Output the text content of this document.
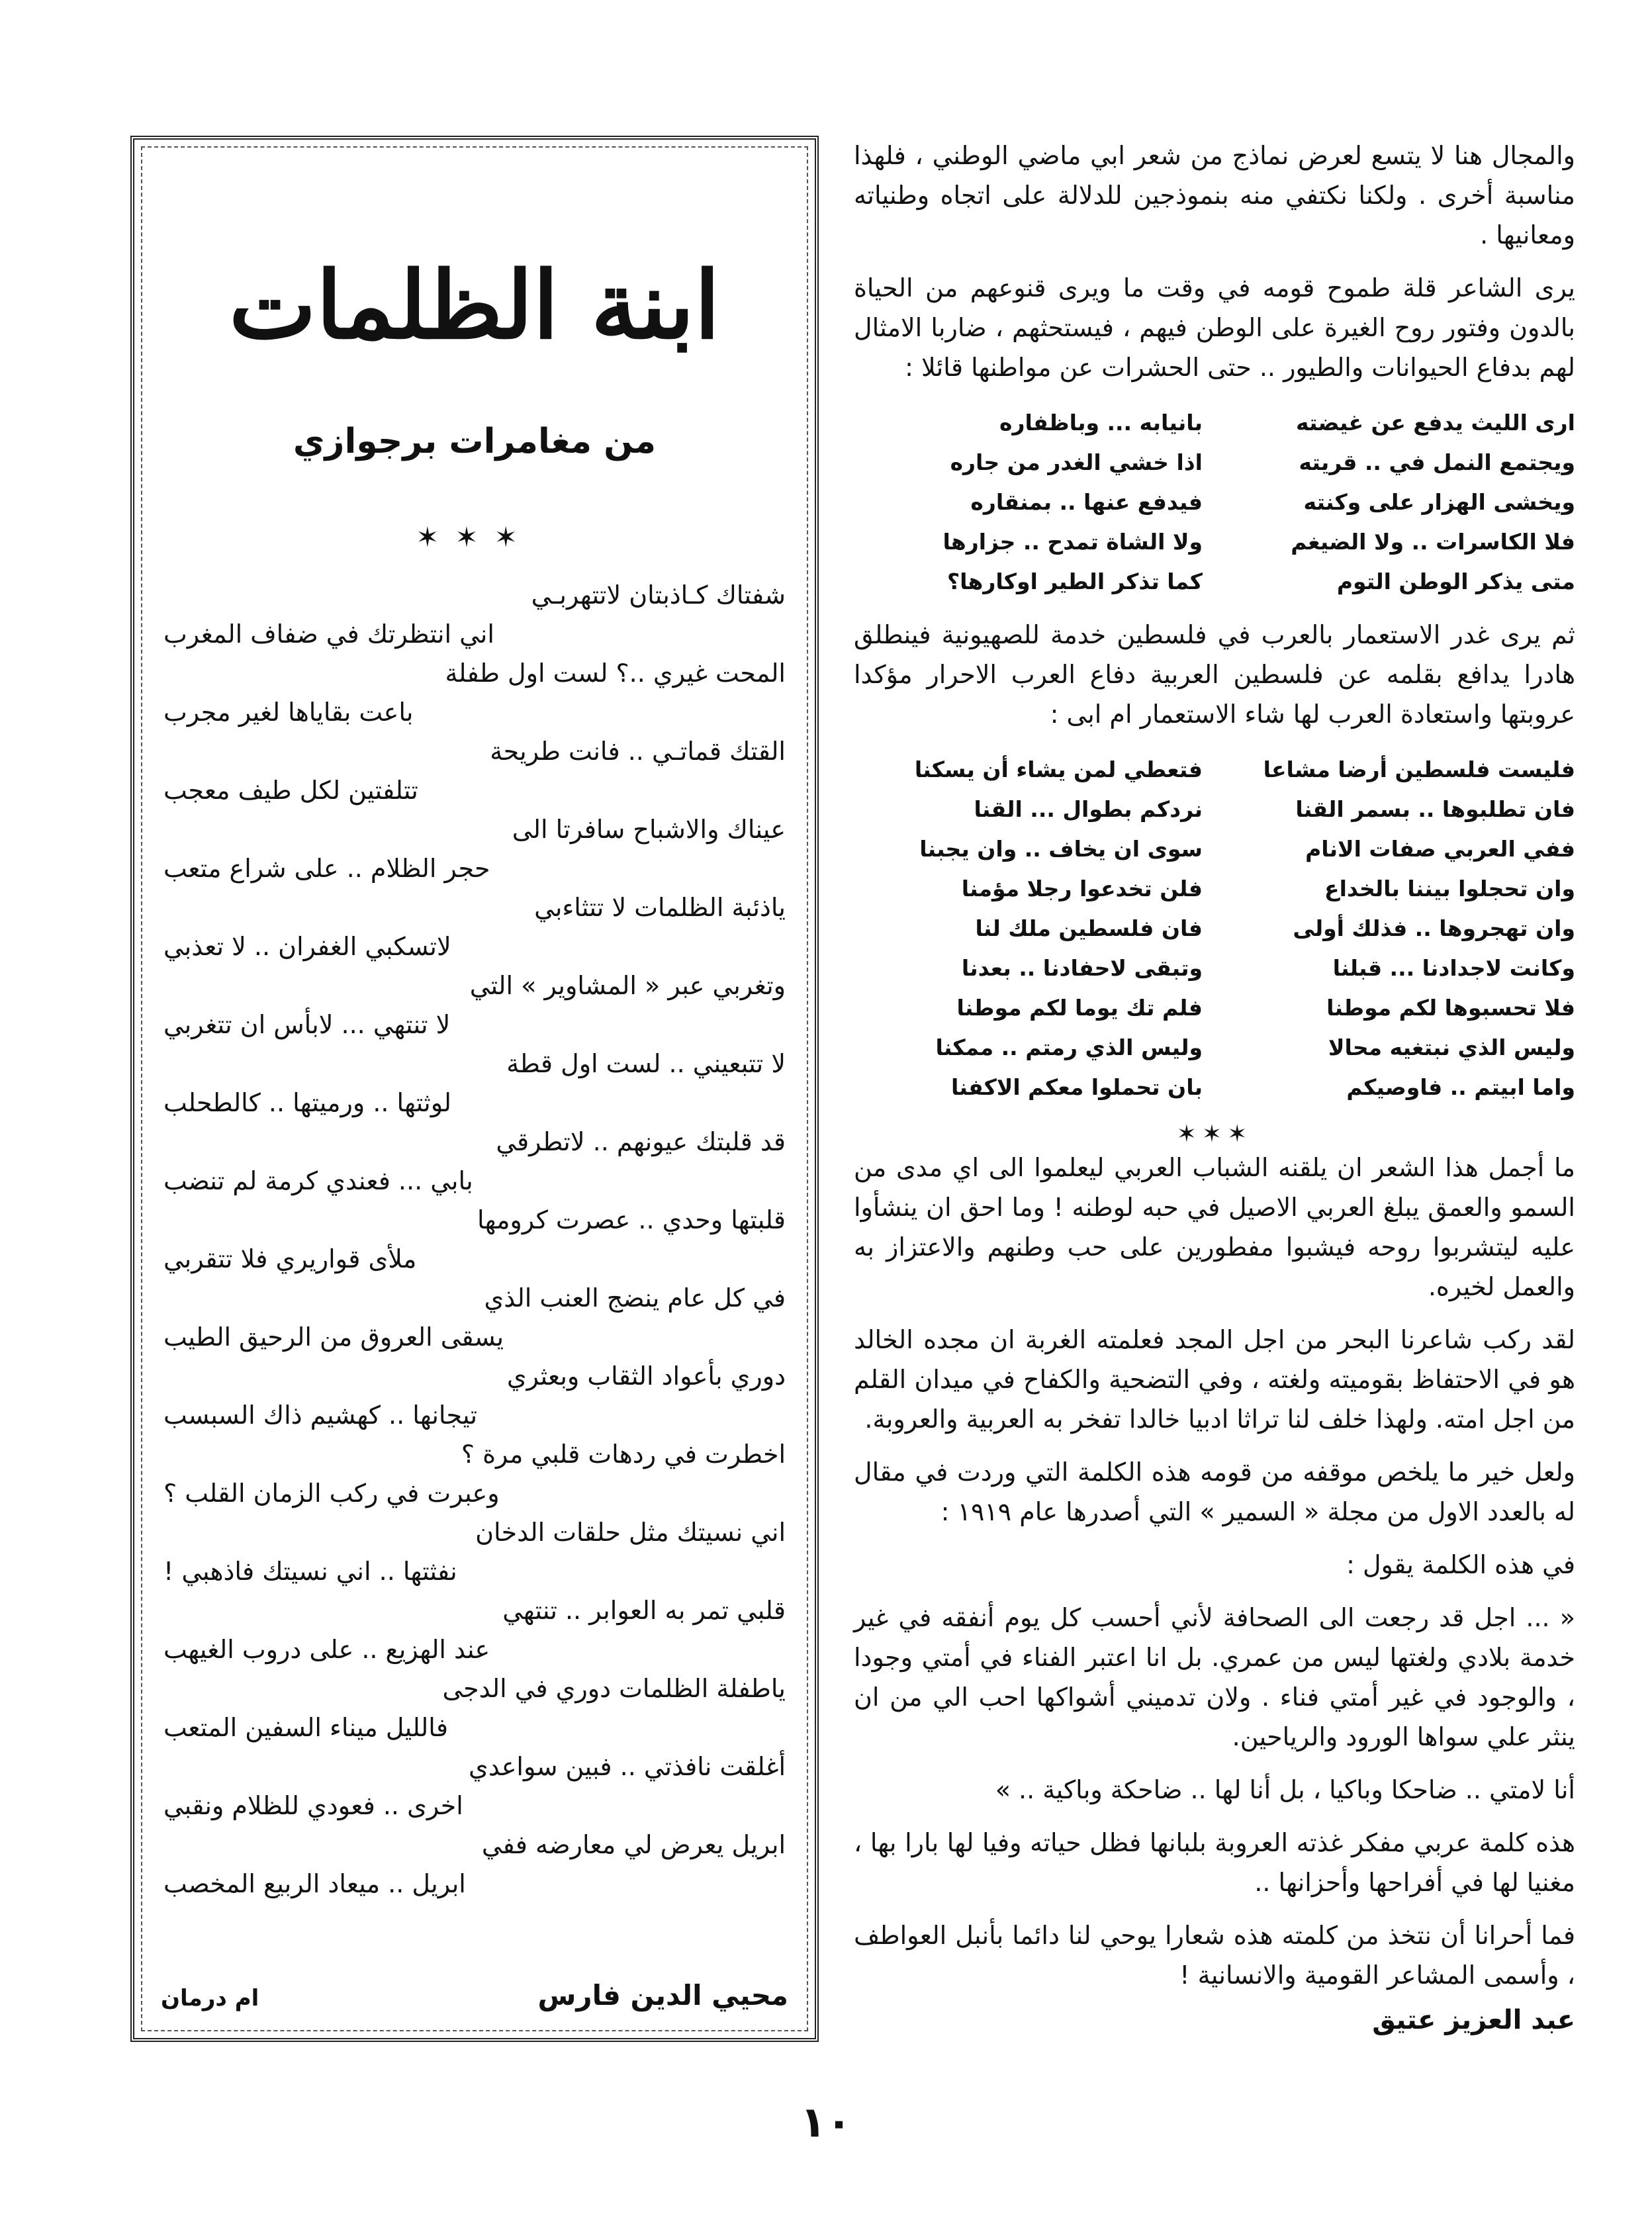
والمجال هنا لا يتسع لعرض نماذج من شعر ابي ماضي الوطني ، فلهذا مناسبة أخرى . ولكنا نكتفي منه بنموذجين للدلالة على اتجاه وطنياته ومعانيها .

يرى الشاعر قلة طموح قومه في وقت ما ويرى قنوعهم من الحياة بالدون وفتور روح الغيرة على الوطن فيهم ، فيستحثهم ، ضاربا الامثال لهم بدفاع الحيوانات والطيور .. حتى الحشرات عن مواطنها قائلا :

ارى الليث يدفع عن غيضته
بانيابه ... وباظفاره
ويجتمع النمل في .. قريته
اذا خشي الغدر من جاره
ويخشى الهزار على وكنته
فيدفع عنها .. بمنقاره
فلا الكاسرات .. ولا الضيغم
ولا الشاة تمدح .. جزارها
متى يذكر الوطن التوم
كما تذكر الطير اوكارها؟

ثم يرى غدر الاستعمار بالعرب في فلسطين خدمة للصهيونية فينطلق هادرا يدافع بقلمه عن فلسطين العربية دفاع العرب الاحرار مؤكدا عروبتها واستعادة العرب لها شاء الاستعمار ام ابى :

فليست فلسطين أرضا مشاعا
فتعطي لمن يشاء أن يسكنا
فان تطلبوها .. بسمر القنا
نردكم بطوال ... القنا
ففي العربي صفات الانام
سوى ان يخاف .. وان يجبنا
وان تحجلوا بيننا بالخداع
فلن تخدعوا رجلا مؤمنا
وان تهجروها .. فذلك أولى
فان فلسطين ملك لنا
وكانت لاجدادنا ... قبلنا
وتبقى لاحفادنا .. بعدنا
فلا تحسبوها لكم موطنا
فلم تك يوما لكم موطنا
وليس الذي نبتغيه محالا
وليس الذي رمتم .. ممكنا
واما ابيتم .. فاوصيكم
بان تحملوا معكم الاكفنا
✶✶✶

ما أجمل هذا الشعر ان يلقنه الشباب العربي ليعلموا الى اي مدى من السمو والعمق يبلغ العربي الاصيل في حبه لوطنه ! وما احق ان ينشأوا عليه ليتشربوا روحه فيشبوا مفطورين على حب وطنهم والاعتزاز به والعمل لخيره.

لقد ركب شاعرنا البحر من اجل المجد فعلمته الغربة ان مجده الخالد هو في الاحتفاظ بقوميته ولغته ، وفي التضحية والكفاح في ميدان القلم من اجل امته. ولهذا خلف لنا تراثا ادبيا خالدا تفخر به العربية والعروبة.

ولعل خير ما يلخص موقفه من قومه هذه الكلمة التي وردت في مقال له بالعدد الاول من مجلة « السمير » التي أصدرها عام ١٩١٩ :

في هذه الكلمة يقول :

« ... اجل قد رجعت الى الصحافة لأني أحسب كل يوم أنفقه في غير خدمة بلادي ولغتها ليس من عمري. بل انا اعتبر الفناء في أمتي وجودا ، والوجود في غير أمتي فناء . ولان تدميني أشواكها احب الي من ان ينثر علي سواها الورود والرياحين.

أنا لامتي .. ضاحكا وباكيا ، بل أنا لها .. ضاحكة وباكية .. »

هذه كلمة عربي مفكر غذته العروبة بلبانها فظل حياته وفيا لها بارا بها ، مغنيا لها في أفراحها وأحزانها ..

فما أحرانا أن نتخذ من كلمته هذه شعارا يوحي لنا دائما بأنبل العواطف ، وأسمى المشاعر القومية والانسانية !

عبد العزيز عتيق
ابنة الظلمات
من مغامرات برجوازي
✶✶✶
شفتاك كـاذبتان لاتتهربـي
اني انتظرتك في ضفاف المغرب
المحت غيري ..؟ لست اول طفلة
باعت بقاياها لغير مجرب
القتك قماتـي .. فانت طريحة
تتلفتين لكل طيف معجب
عيناك والاشباح سافرتا الى
حجر الظلام .. على شراع متعب
ياذئبة الظلمات لا تتثاءبي
لاتسكبي الغفران .. لا تعذبي
وتغربي عبر « المشاوير » التي
لا تنتهي ... لابأس ان تتغربي
لا تتبعيني .. لست اول قطة
لوثتها .. ورميتها .. كالطحلب
قد قلبتك عيونهم .. لاتطرقي
بابي ... فعندي كرمة لم تنضب
قلبتها وحدي .. عصرت كرومها
ملأى قواريري فلا تتقربي
في كل عام ينضج العنب الذي
يسقى العروق من الرحيق الطيب
دوري بأعواد الثقاب وبعثري
تيجانها .. كهشيم ذاك السبسب
اخطرت في ردهات قلبي مرة ؟
وعبرت في ركب الزمان القلب ؟
اني نسيتك مثل حلقات الدخان
نفثتها .. اني نسيتك فاذهبي !
قلبي تمر به العوابر .. تنتهي
عند الهزيع .. على دروب الغيهب
ياطفلة الظلمات دوري في الدجى
فالليل ميناء السفين المتعب
أغلقت نافذتي .. فبين سواعدي
اخرى .. فعودي للظلام ونقبي
ابريل يعرض لي معارضه ففي
ابريل .. ميعاد الربيع المخصب
محيي الدين فارس
ام درمان
١٠
